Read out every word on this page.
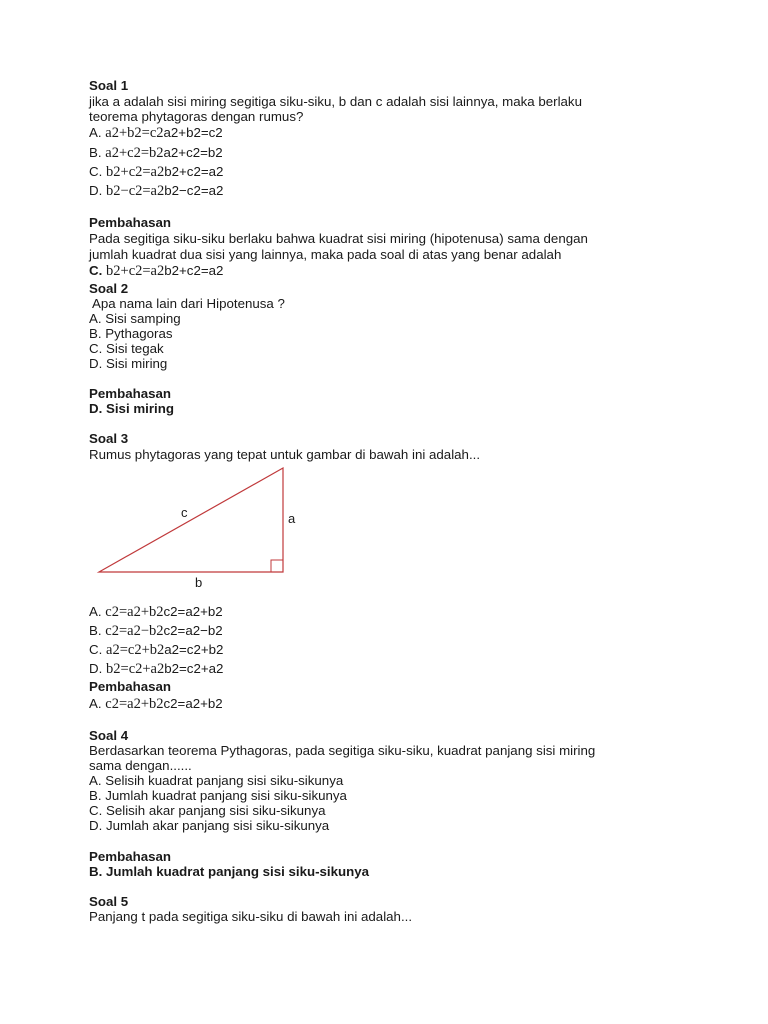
Soal 1
jika a adalah sisi miring segitiga siku-siku, b dan c adalah sisi lainnya, maka berlaku
teorema phytagoras dengan rumus?
A. a2+b2=c2a2+b2=c2
B. a2+c2=b2a2+c2=b2
C. b2+c2=a2b2+c2=a2
D. b2−c2=a2b2−c2=a2
Pembahasan
Pada segitiga siku-siku berlaku bahwa kuadrat sisi miring (hipotenusa) sama dengan
jumlah kuadrat dua sisi yang lainnya, maka pada soal di atas yang benar adalah
C. b2+c2=a2b2+c2=a2
Soal 2
Apa nama lain dari Hipotenusa ?
A. Sisi samping
B. Pythagoras
C. Sisi tegak
D. Sisi miring
Pembahasan
D. Sisi miring
Soal 3
Rumus phytagoras yang tepat untuk gambar di bawah ini adalah...
c	a
b
A. c2=a2+b2c2=a2+b2
B. c2=a2−b2c2=a2−b2
C. a2=c2+b2a2=c2+b2
D. b2=c2+a2b2=c2+a2
Pembahasan
A. c2=a2+b2c2=a2+b2
Soal 4
Berdasarkan teorema Pythagoras, pada segitiga siku-siku, kuadrat panjang sisi miring
sama dengan......
A. Selisih kuadrat panjang sisi siku-sikunya
B. Jumlah kuadrat panjang sisi siku-sikunya
C. Selisih akar panjang sisi siku-sikunya
D. Jumlah akar panjang sisi siku-sikunya
Pembahasan
B. Jumlah kuadrat panjang sisi siku-sikunya
Soal 5
Panjang t pada segitiga siku-siku di bawah ini adalah...
